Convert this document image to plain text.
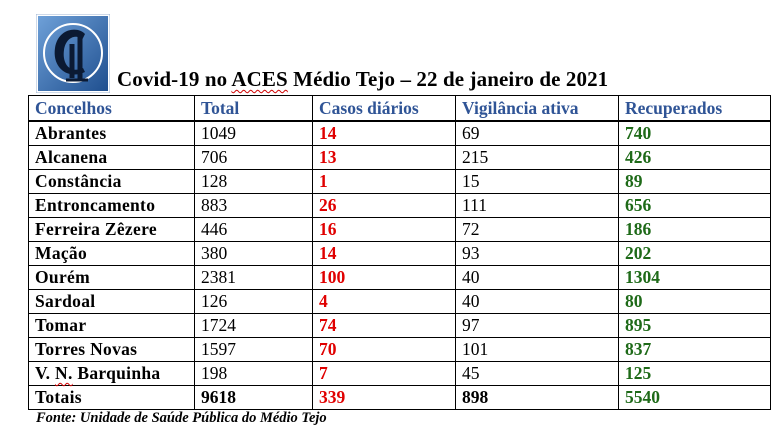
Covid-19 no ACES Médio Tejo – 22 de janeiro de 2021
Concelhos	Total	Casos diários	Vigilância ativa	Recuperados
Abrantes	1049	14	69	740
Alcanena	706	13	215	426
Constância	128	1	15	89
Entroncamento	883	26	111	656
Ferreira Zêzere	446	16	72	186
Mação	380	14	93	202
Ourém	2381	100	40	1304
Sardoal	126	4	40	80
Tomar	1724	74	97	895
Torres Novas	1597	70	101	837
V. N. Barquinha	198	7	45	125
Totais	9618	339	898	5540
Fonte: Unidade de Saúde Pública do Médio Tejo
